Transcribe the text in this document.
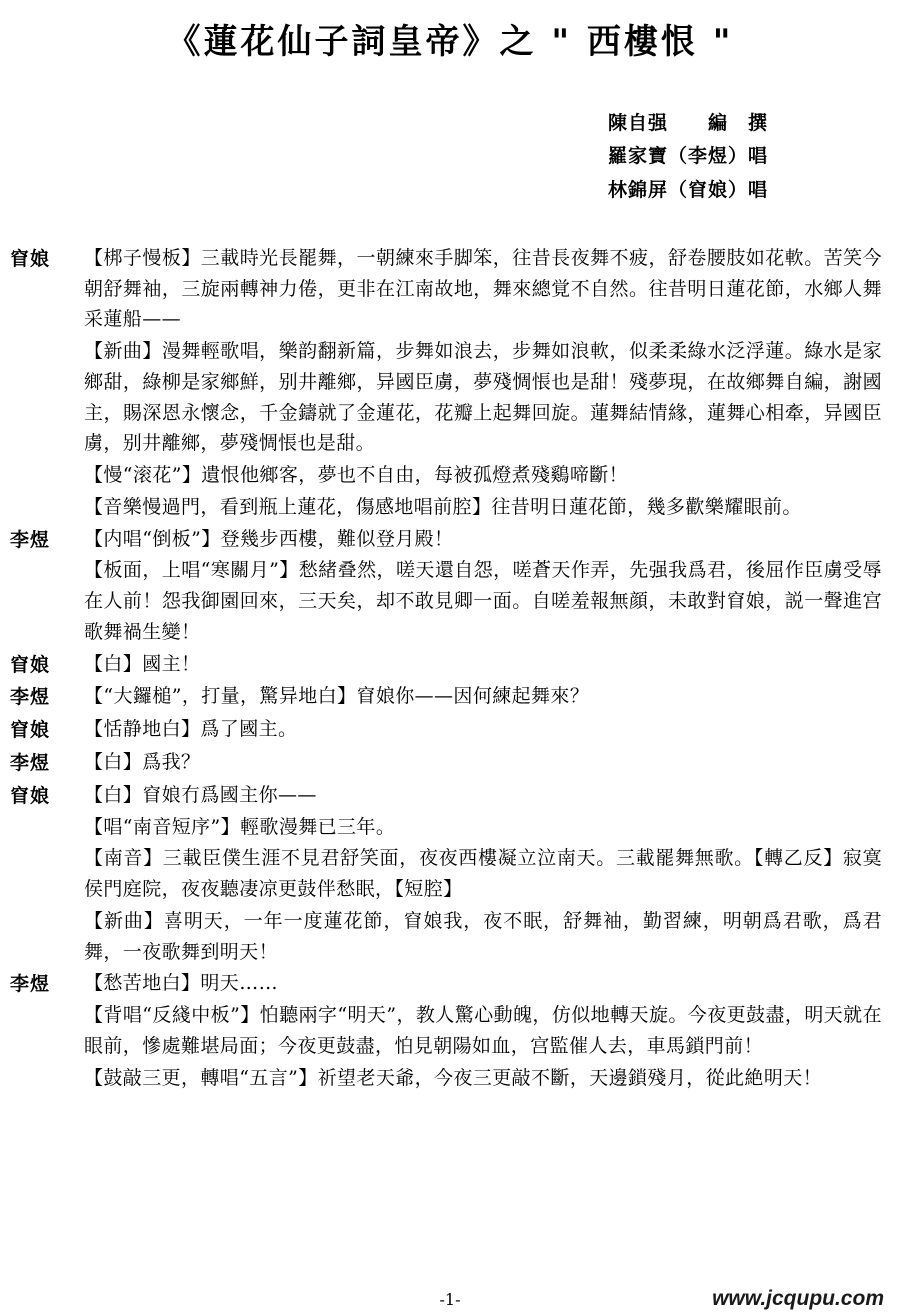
《蓮花仙子詞皇帝》之 " 西樓恨 "
陳自强　　編　撰
羅家寶（李煜）唱
林錦屏（窅娘）唱
窅娘	【梆子慢板】三載時光長罷舞，一朝練來手脚笨，往昔長夜舞不疲，舒卷腰肢如花軟。苦笑今朝舒舞袖，三旋兩轉神力倦，更非在江南故地，舞來總覚不自然。往昔明日蓮花節，水鄉人舞采蓮船——

【新曲】漫舞輕歌唱，樂韵翻新篇，步舞如浪去，步舞如浪軟，似柔柔綠水泛浮蓮。綠水是家鄉甜，綠柳是家鄉鮮，别井離鄉，异國臣虜，夢殘惆悵也是甜！殘夢現，在故鄉舞自編，謝國主，賜深恩永懷念，千金鑄就了金蓮花，花瓣上起舞回旋。蓮舞結情緣，蓮舞心相牽，异國臣虜，别井離鄉，夢殘惆悵也是甜。

【慢“滚花”】遺恨他鄉客，夢也不自由，每被孤燈煮殘鷄啼斷！

【音樂慢過門，看到瓶上蓮花，傷感地唱前腔】往昔明日蓮花節，幾多歡樂耀眼前。

李煜	【内唱“倒板”】登幾步西樓，難似登月殿！

【板面，上唱“寒關月”】愁緒叠然，嗟天還自怨，嗟蒼天作弄，先强我爲君，後屈作臣虜受辱在人前！怨我御園回來，三天矣，却不敢見卿一面。自嗟羞報無顔，未敢對窅娘，説一聲進宫歌舞禍生變！

窅娘	【白】國主！

李煜	【“大鑼槌”，打量，驚异地白】窅娘你——因何練起舞來？

窅娘	【恬静地白】爲了國主。

李煜	【白】爲我？

窅娘	【白】窅娘冇爲國主你——

【唱“南音短序”】輕歌漫舞已三年。

【南音】三載臣僕生涯不見君舒笑面，夜夜西樓凝立泣南天。三載罷舞無歌。【轉乙反】寂寞侯門庭院，夜夜聽凄凉更鼓伴愁眠，【短腔】

【新曲】喜明天，一年一度蓮花節，窅娘我，夜不眠，舒舞袖，勤習練，明朝爲君歌，爲君舞，一夜歌舞到明天！

李煜	【愁苦地白】明天……

【背唱“反綫中板”】怕聽兩字“明天”，教人驚心動魄，仿似地轉天旋。今夜更鼓盡，明天就在眼前，慘處難堪局面；今夜更鼓盡，怕見朝陽如血，宫監催人去，車馬鎖門前！

【鼓敲三更，轉唱“五言”】祈望老天爺，今夜三更敲不斷，天邊鎖殘月，從此絶明天！

-1-	www.jcqupu.com
